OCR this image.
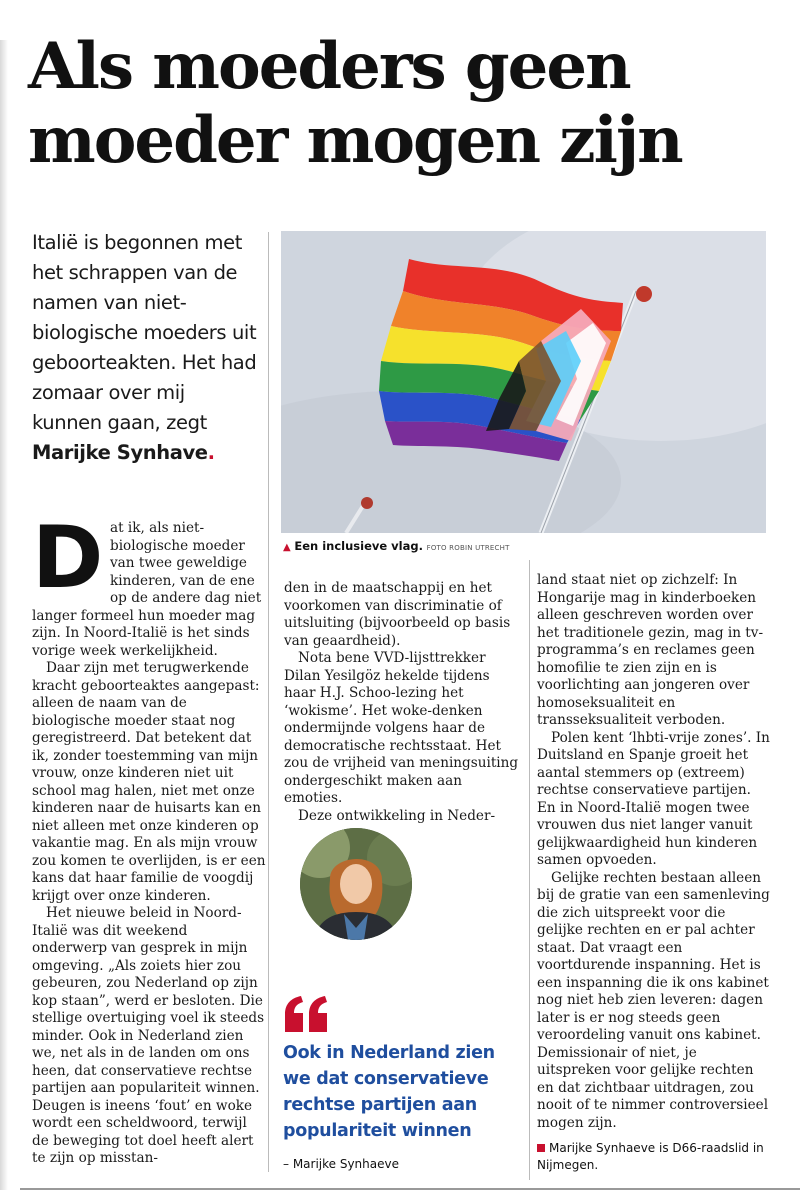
Als moeders geen moeder mogen zijn
Italië is begonnen met het schrappen van de namen van niet-biologische moeders uit geboorteakten. Het had zomaar over mij kunnen gaan, zegt Marijke Synhave.
▲ Een inclusieve vlag. FOTO ROBIN UTRECHT
D at ik, als niet-biologische moeder van twee geweldige kinderen, van de ene op de andere dag niet langer formeel hun moeder mag zijn. In Noord-Italië is het sinds vorige week werkelijkheid.

Daar zijn met terugwerkende kracht geboorteaktes aangepast: alleen de naam van de biologische moeder staat nog geregistreerd. Dat betekent dat ik, zonder toestemming van mijn vrouw, onze kinderen niet uit school mag halen, niet met onze kinderen naar de huisarts kan en niet alleen met onze kinderen op vakantie mag. En als mijn vrouw zou komen te overlijden, is er een kans dat haar familie de voogdij krijgt over onze kinderen.

Het nieuwe beleid in Noord-Italië was dit weekend onderwerp van gesprek in mijn omgeving. „Als zoiets hier zou gebeuren, zou Nederland op zijn kop staan”, werd er besloten. Die stellige overtuiging voel ik steeds minder. Ook in Nederland zien we, net als in de landen om ons heen, dat conservatieve rechtse partijen aan populariteit winnen. Deugen is ineens ‘fout’ en woke wordt een scheldwoord, terwijl de beweging tot doel heeft alert te zijn op misstan-

den in de maatschappij en het voorkomen van discriminatie of uitsluiting (bijvoorbeeld op basis van geaardheid).

Nota bene VVD-lijsttrekker Dilan Yesilgöz hekelde tijdens haar H.J. Schoo-lezing het ‘wokisme’. Het woke-denken ondermijnde volgens haar de democratische rechtsstaat. Het zou de vrijheid van meningsuiting ondergeschikt maken aan emoties.

Deze ontwikkeling in Neder-

Ook in Nederland zien we dat conservatieve rechtse partijen aan populariteit winnen
– Marijke Synhaeve

land staat niet op zichzelf: In Hongarije mag in kinderboeken alleen geschreven worden over het traditionele gezin, mag in tv-programma’s en reclames geen homofilie te zien zijn en is voorlichting aan jongeren over homoseksualiteit en transseksualiteit verboden.

Polen kent ‘lhbti-vrije zones’. In Duitsland en Spanje groeit het aantal stemmers op (extreem) rechtse conservatieve partijen. En in Noord-Italië mogen twee vrouwen dus niet langer vanuit gelijkwaardigheid hun kinderen samen opvoeden.

Gelijke rechten bestaan alleen bij de gratie van een samenleving die zich uitspreekt voor die gelijke rechten en er pal achter staat. Dat vraagt een voortdurende inspanning. Het is een inspanning die ik ons kabinet nog niet heb zien leveren: dagen later is er nog steeds geen veroordeling vanuit ons kabinet. Demissionair of niet, je uitspreken voor gelijke rechten en dat zichtbaar uitdragen, zou nooit of te nimmer controversieel mogen zijn.

Marijke Synhaeve is D66-raadslid in Nijmegen.
